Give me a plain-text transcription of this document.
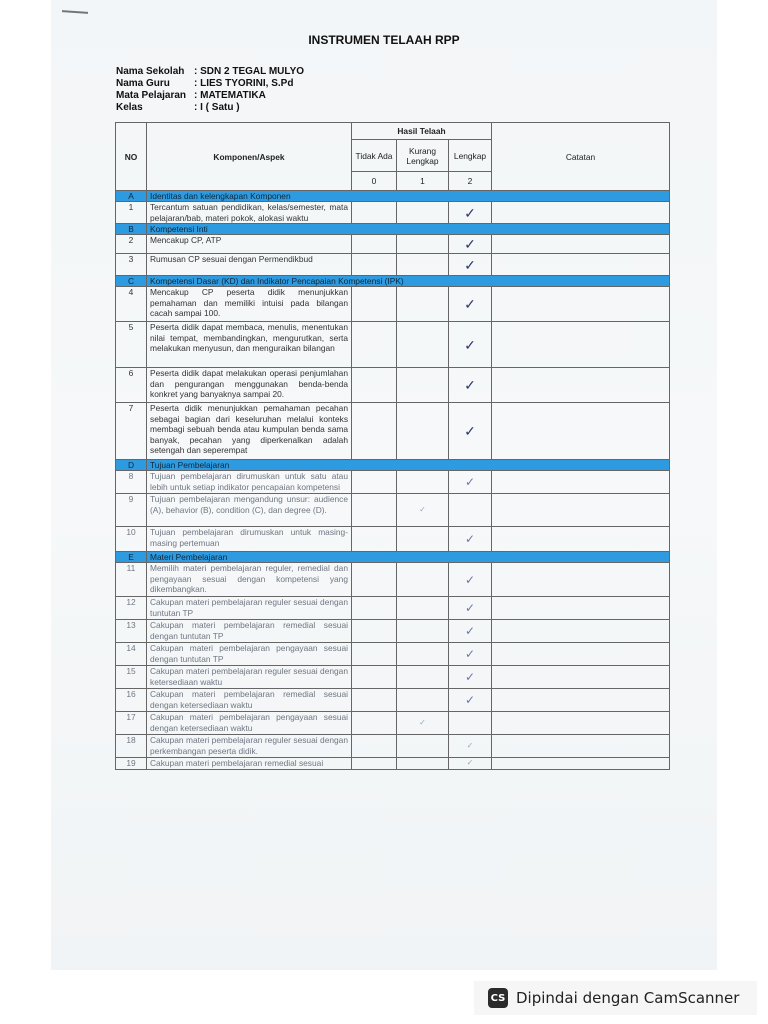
INSTRUMEN TELAAH RPP
Nama Sekolah : SDN 2 TEGAL MULYO
Nama Guru	: LIES TYORINI, S.Pd
Mata Pelajaran : MATEMATIKA
Kelas	: I ( Satu )
NO	Komponen/Aspek	Hasil Telaah			Catatan
		Tidak Ada	Kurang Lengkap	Lengkap	
		0	1	2	
A	Identitas dan kelengkapan Komponen				
1	Tercantum satuan pendidikan, kelas/semester, mata pelajaran/bab, materi pokok, alokasi waktu			✓	
B	Kompetensi Inti				
2	Mencakup CP, ATP			✓	
3	Rumusan CP sesuai dengan Permendikbud			✓	
C	Kompetensi Dasar (KD) dan Indikator Pencapaian Kompetensi (IPK)				
4	Mencakup CP peserta didik menunjukkan pemahaman dan memiliki intuisi pada bilangan cacah sampai 100.			✓	
5	Peserta didik dapat membaca, menulis, menentukan nilai tempat, membandingkan, mengurutkan, serta melakukan menyusun, dan menguraikan bilangan			✓	
6	Peserta didik dapat melakukan operasi penjumlahan dan pengurangan menggunakan benda-benda konkret yang banyaknya sampai 20.			✓	
7	Peserta didik menunjukkan pemahaman pecahan sebagai bagian dari keseluruhan melalui konteks membagi sebuah benda atau kumpulan benda sama banyak, pecahan yang diperkenalkan adalah setengah dan seperempat			✓	
D	Tujuan Pembelajaran				
8	Tujuan pembelajaran dirumuskan untuk satu atau lebih untuk setiap indikator pencapaian kompetensi			✓	
9	Tujuan pembelajaran mengandung unsur: audience (A), behavior (B), condition (C), dan degree (D).		✓		
10	Tujuan pembelajaran dirumuskan untuk masing-masing pertemuan			✓	
E	Materi Pembelajaran				
11	Memilih materi pembelajaran reguler, remedial dan pengayaan sesuai dengan kompetensi yang dikembangkan.			✓	
12	Cakupan materi pembelajaran reguler sesuai dengan tuntutan TP			✓	
13	Cakupan materi pembelajaran remedial sesuai dengan tuntutan TP			✓	
14	Cakupan materi pembelajaran pengayaan sesuai dengan tuntutan TP			✓	
15	Cakupan materi pembelajaran reguler sesuai dengan ketersediaan waktu			✓	
16	Cakupan materi pembelajaran remedial sesuai dengan ketersediaan waktu			✓	
17	Cakupan materi pembelajaran pengayaan sesuai dengan ketersediaan waktu		✓		
18	Cakupan materi pembelajaran reguler sesuai dengan perkembangan peserta didik.			✓	
19	Cakupan materi pembelajaran remedial sesuai			✓	
CS Dipindai dengan CamScanner
